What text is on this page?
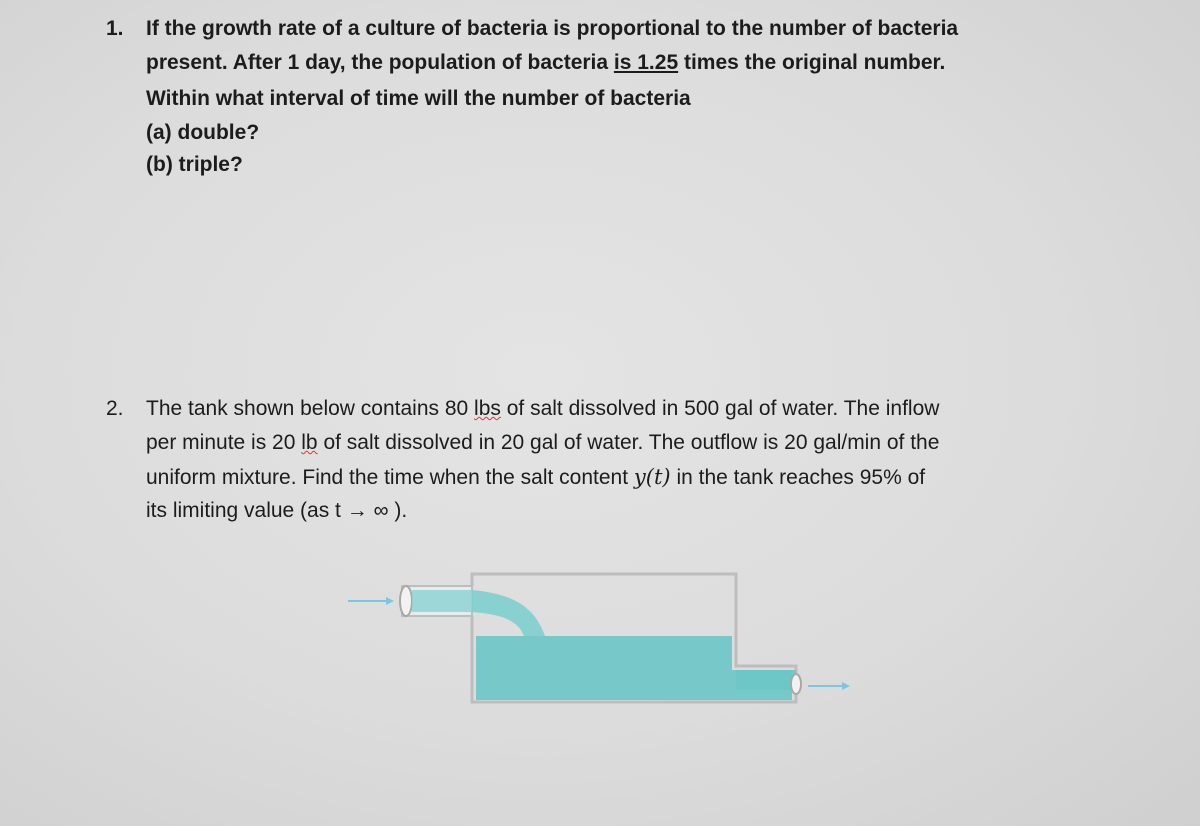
1.	If the growth rate of a culture of bacteria is proportional to the number of bacteria
present. After 1 day, the population of bacteria is 1.25 times the original number.
Within what interval of time will the number of bacteria
(a) double?
(b) triple?
2.	The tank shown below contains 80 lbs of salt dissolved in 500 gal of water. The inflow
per minute is 20 lb of salt dissolved in 20 gal of water. The outflow is 20 gal/min of the
uniform mixture. Find the time when the salt content y(t) in the tank reaches 95% of
its limiting value (as t → ∞ ).
